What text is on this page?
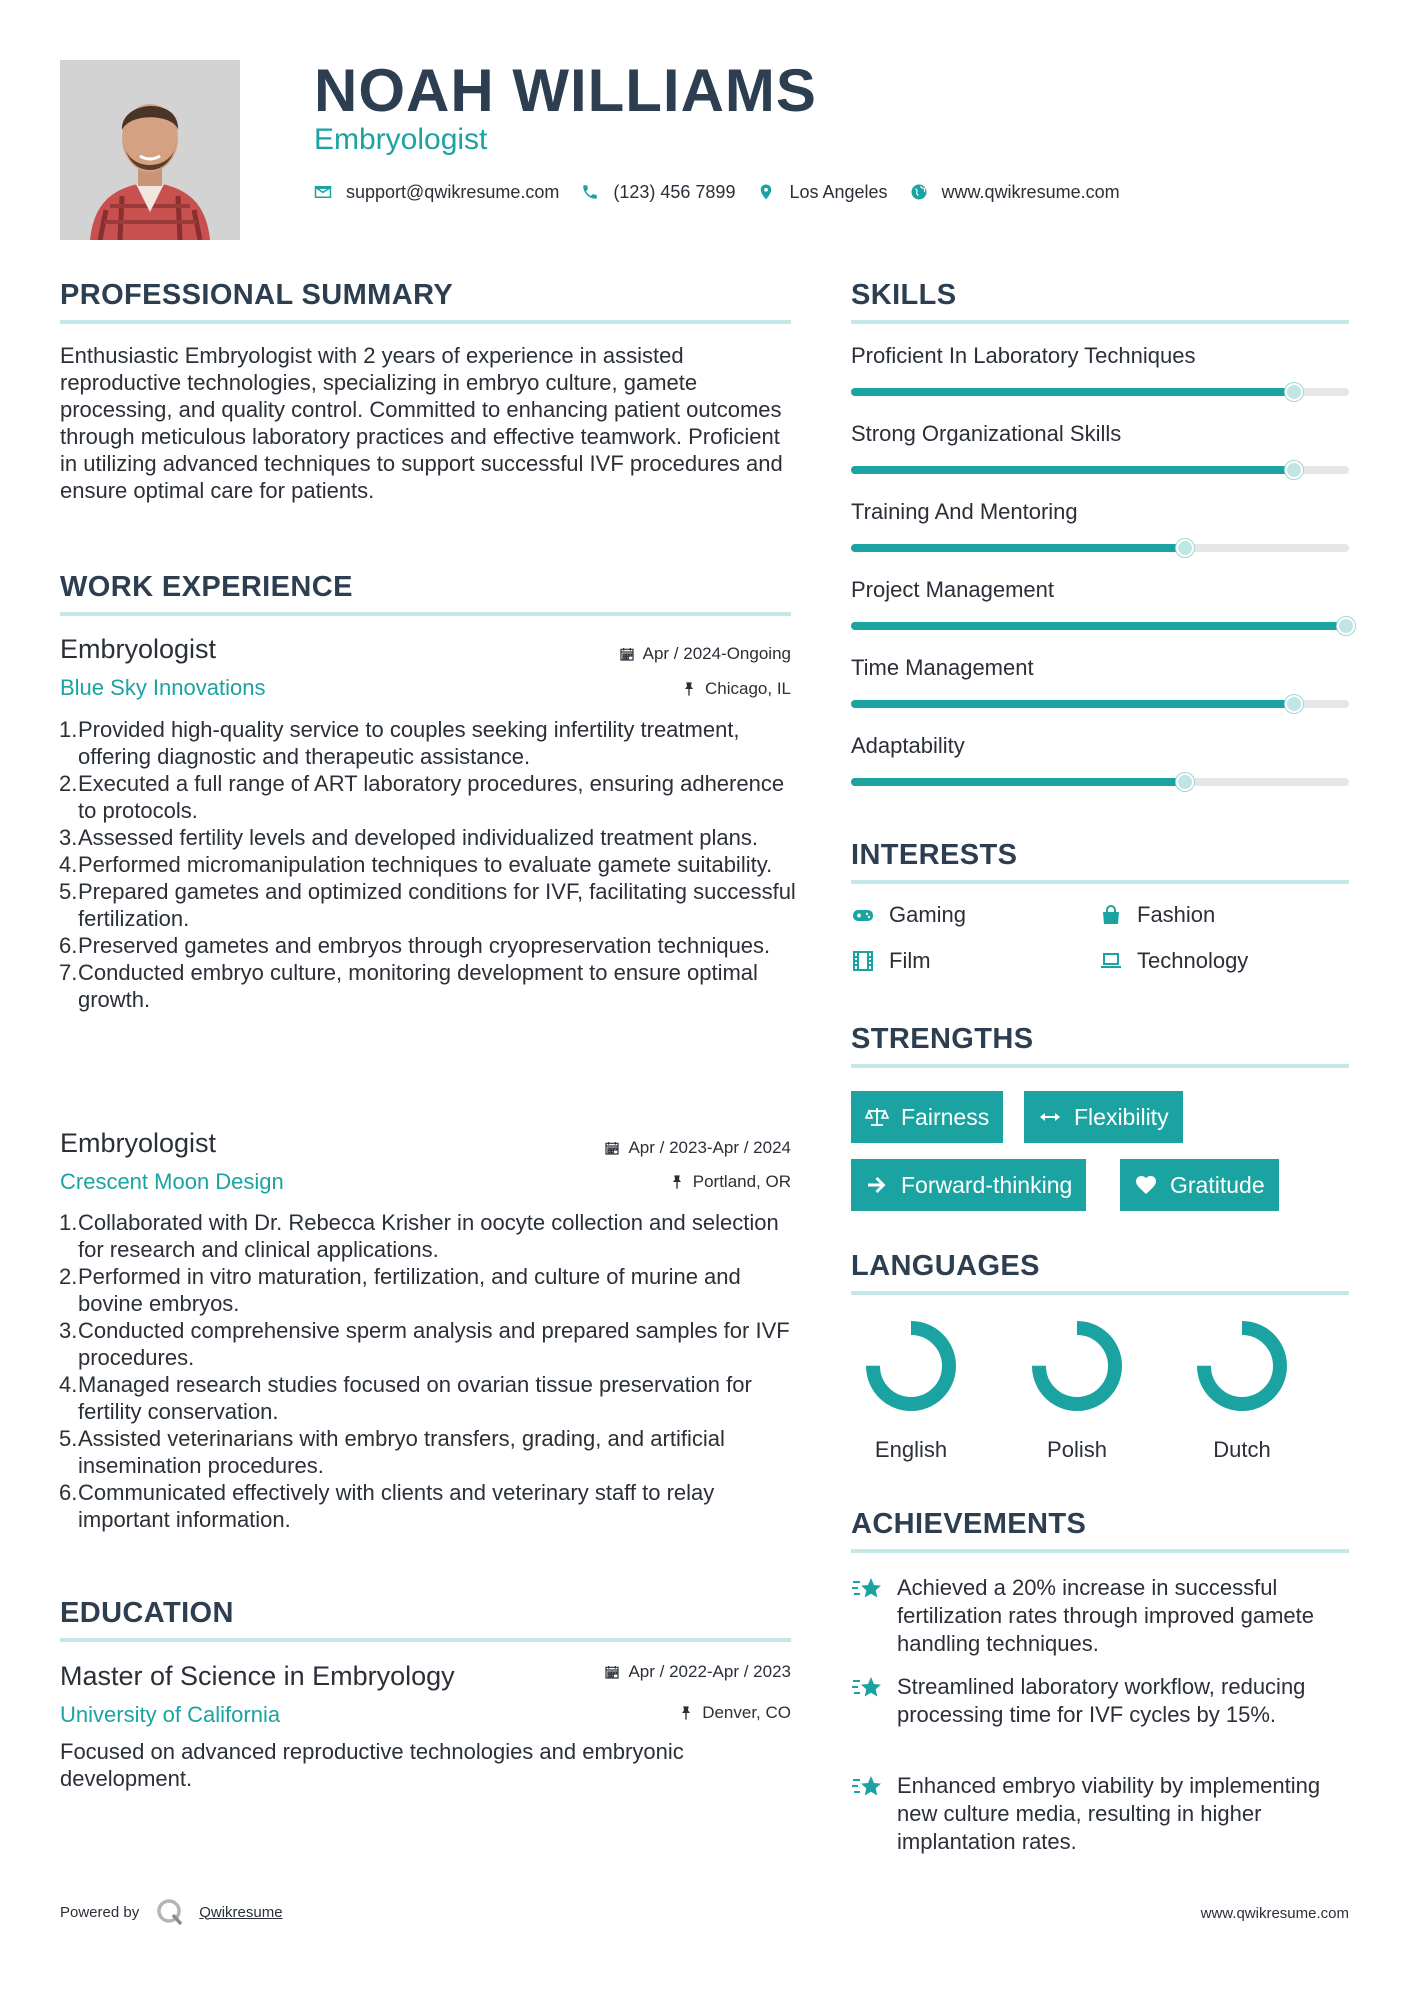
NOAH WILLIAMS
Embryologist
support@qwikresume.com	(123) 456 7899	Los Angeles	www.qwikresume.com
PROFESSIONAL SUMMARY
Enthusiastic Embryologist with 2 years of experience in assisted reproductive technologies, specializing in embryo culture, gamete processing, and quality control. Committed to enhancing patient outcomes through meticulous laboratory practices and effective teamwork. Proficient in utilizing advanced techniques to support successful IVF procedures and ensure optimal care for patients.
WORK EXPERIENCE
Embryologist	Apr / 2024-Ongoing
Blue Sky Innovations	Chicago, IL
Provided high-quality service to couples seeking infertility treatment, offering diagnostic and therapeutic assistance.
Executed a full range of ART laboratory procedures, ensuring adherence to protocols.
Assessed fertility levels and developed individualized treatment plans.
Performed micromanipulation techniques to evaluate gamete suitability.
Prepared gametes and optimized conditions for IVF, facilitating successful fertilization.
Preserved gametes and embryos through cryopreservation techniques.
Conducted embryo culture, monitoring development to ensure optimal growth.
Embryologist	Apr / 2023-Apr / 2024
Crescent Moon Design	Portland, OR
Collaborated with Dr. Rebecca Krisher in oocyte collection and selection for research and clinical applications.
Performed in vitro maturation, fertilization, and culture of murine and bovine embryos.
Conducted comprehensive sperm analysis and prepared samples for IVF procedures.
Managed research studies focused on ovarian tissue preservation for fertility conservation.
Assisted veterinarians with embryo transfers, grading, and artificial insemination procedures.
Communicated effectively with clients and veterinary staff to relay important information.
EDUCATION
Master of Science in Embryology	Apr / 2022-Apr / 2023
University of California	Denver, CO
Focused on advanced reproductive technologies and embryonic development.
SKILLS
Proficient In Laboratory Techniques
Strong Organizational Skills
Training And Mentoring
Project Management
Time Management
Adaptability
INTERESTS
Gaming	Fashion
Film	Technology
STRENGTHS
Fairness	Flexibility
Forward-thinking	Gratitude
LANGUAGES
English	Polish	Dutch
ACHIEVEMENTS
Achieved a 20% increase in successful fertilization rates through improved gamete handling techniques.
Streamlined laboratory workflow, reducing processing time for IVF cycles by 15%.
Enhanced embryo viability by implementing new culture media, resulting in higher implantation rates.
Powered by	Qwikresume	www.qwikresume.com
